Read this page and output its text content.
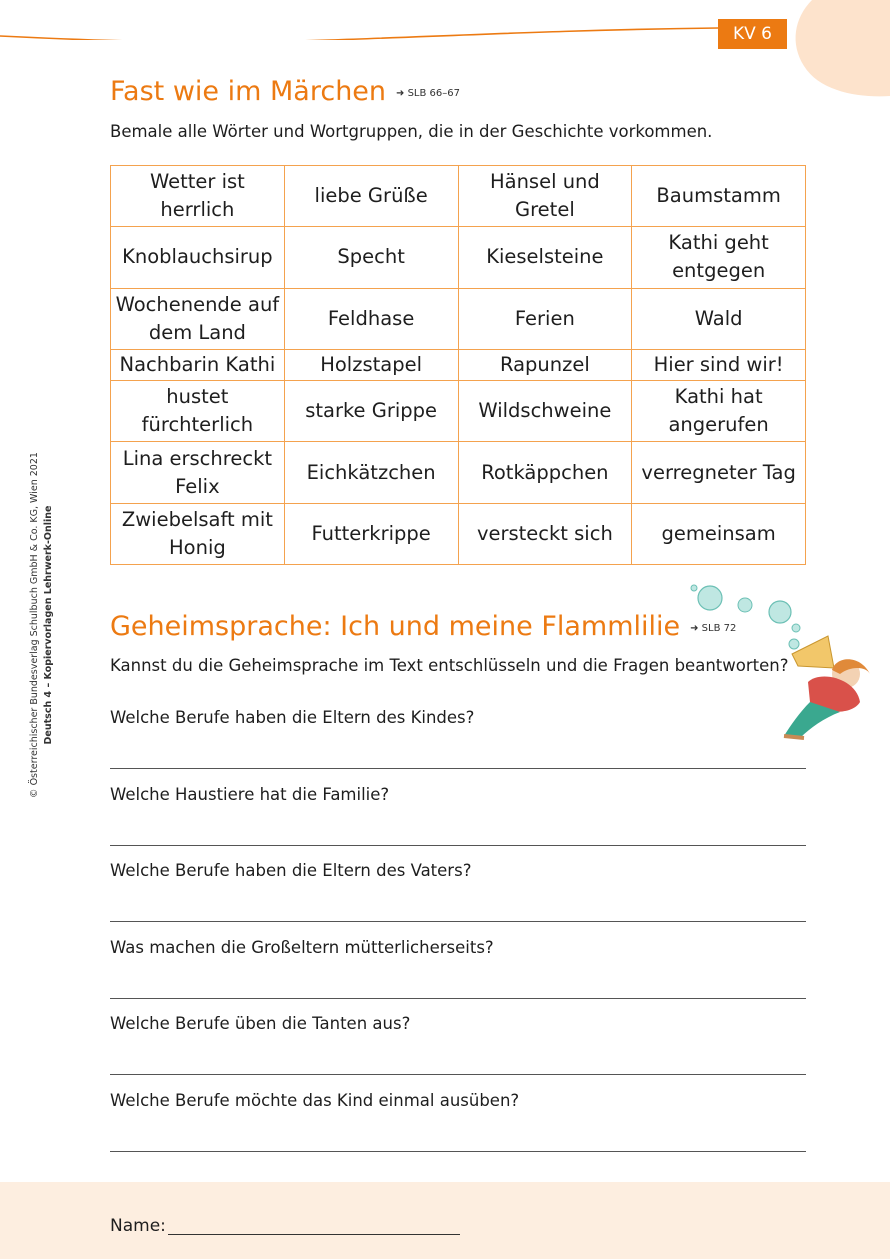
KV 6
© Österreichischer Bundesverlag Schulbuch GmbH & Co. KG, Wien 2021 Deutsch 4 – Kopiervorlagen Lehrwerk-Online
Fast wie im Märchen ➜ SLB 66–67
Bemale alle Wörter und Wortgruppen, die in der Geschichte vorkommen.
Wetter ist herrlich	liebe Grüße	Hänsel und Gretel	Baumstamm
Knoblauchsirup	Specht	Kieselsteine	Kathi geht entgegen
Wochenende auf dem Land	Feldhase	Ferien	Wald
Nachbarin Kathi	Holzstapel	Rapunzel	Hier sind wir!
hustet fürchterlich	starke Grippe	Wildschweine	Kathi hat angerufen
Lina erschreckt Felix	Eichkätzchen	Rotkäppchen	verregneter Tag
Zwiebelsaft mit Honig	Futterkrippe	versteckt sich	gemeinsam
Geheimsprache: Ich und meine Flammlilie ➜ SLB 72
Kannst du die Geheimsprache im Text entschlüsseln und die Fragen beantworten?
Welche Berufe haben die Eltern des Kindes?
Welche Haustiere hat die Familie?
Welche Berufe haben die Eltern des Vaters?
Was machen die Großeltern mütterlicherseits?
Welche Berufe üben die Tanten aus?
Welche Berufe möchte das Kind einmal ausüben?
Name:
